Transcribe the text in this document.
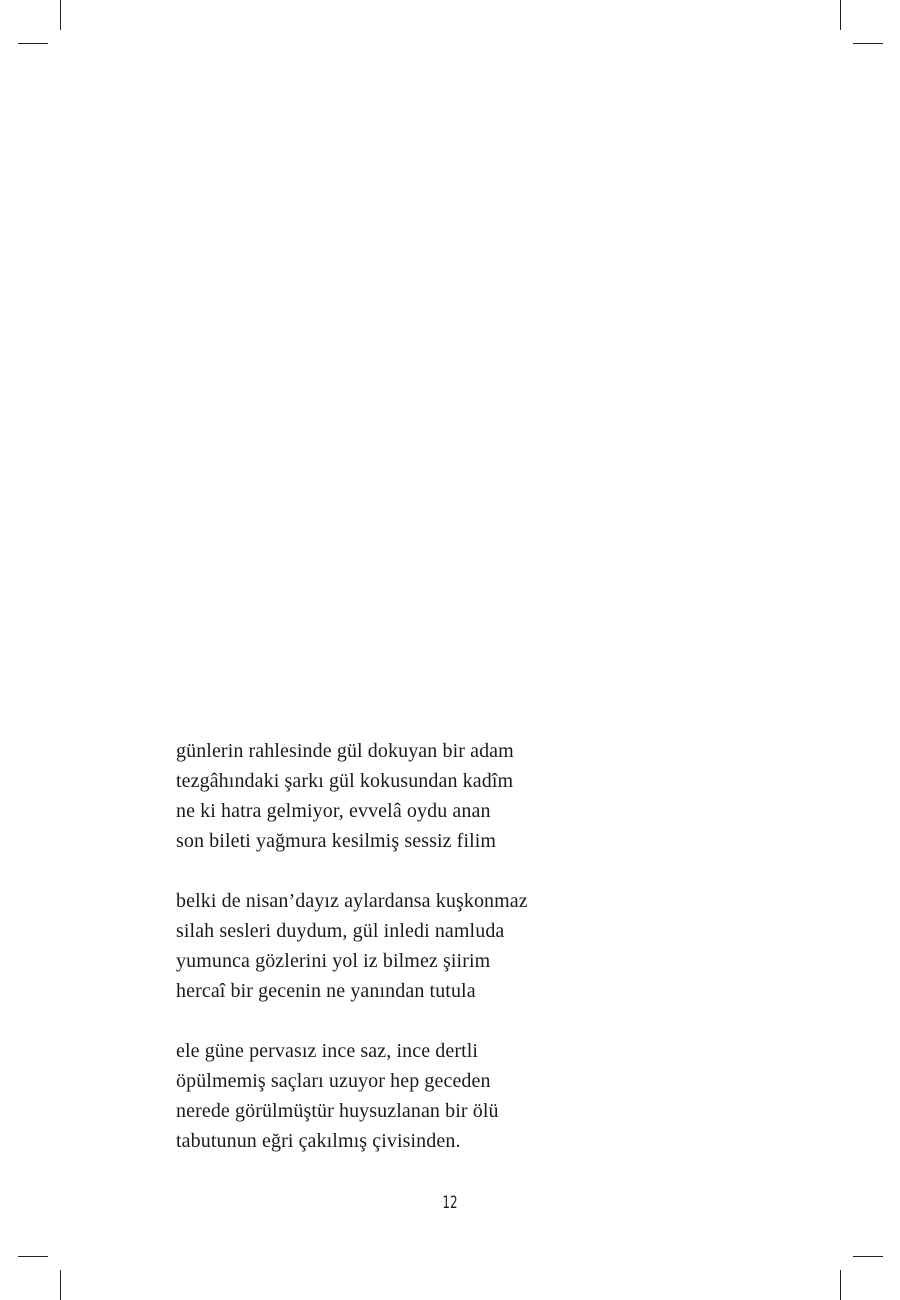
günlerin rahlesinde gül dokuyan bir adam
tezgâhındaki şarkı gül kokusundan kadîm
ne ki hatra gelmiyor, evvelâ oydu anan
son bileti yağmura kesilmiş sessiz filim
belki de nisan’dayız aylardansa kuşkonmaz
silah sesleri duydum, gül inledi namluda
yumunca gözlerini yol iz bilmez şiirim
hercaî bir gecenin ne yanından tutula
ele güne pervasız ince saz, ince dertli
öpülmemiş saçları uzuyor hep geceden
nerede görülmüştür huysuzlanan bir ölü
tabutunun eğri çakılmış çivisinden.
12
